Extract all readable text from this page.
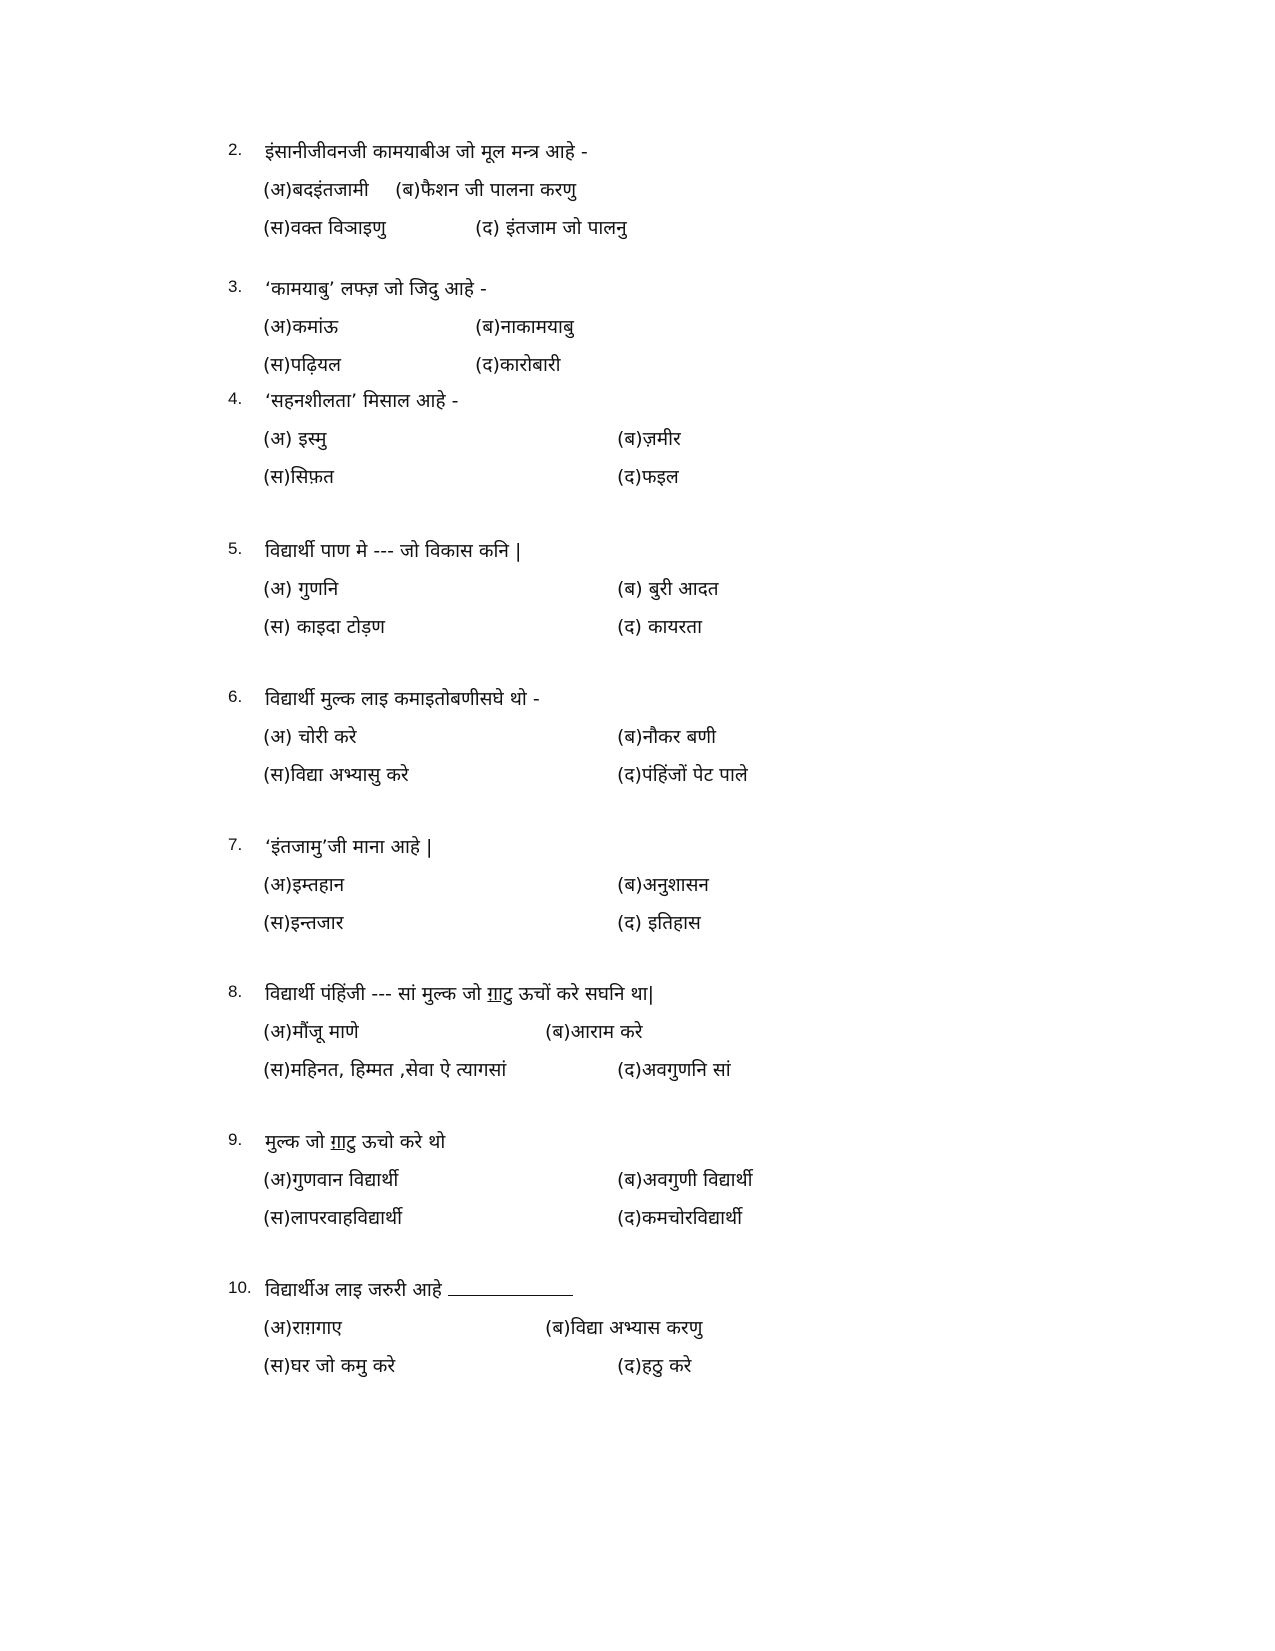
2. इंसानीजीवनजी कामयाबीअ जो मूल मन्त्र आहे -
(अ)बदइंतजामी (ब)फैशन जी पालना करणु
(स)वक्त विञाइणु	(द) इंतजाम जो पालनु
3. ‘कामयाबु’ लफ्ज़ जो जिदु आहे -
(अ)कमांऊ	(ब)नाकामयाबु
(स)पढ़ियल	(द)कारोबारी
4. ‘सहनशीलता’ मिसाल आहे -
(अ) इस्मु	(ब)ज़मीर
(स)सिफ़त	(द)फइल
5. विद्यार्थी पाण मे --- जो विकास कनि |
(अ) गुणनि	(ब) बुरी आदत
(स) काइदा टोड़ण	(द) कायरता
6. विद्यार्थी मुल्क लाइ कमाइतोबणीसघे थो -
(अ) चोरी करे	(ब)नौकर बणी
(स)विद्या अभ्यासु करे	(द)पंहिंजों पेट पाले
7. ‘इंतजामु’जी माना आहे |
(अ)इम्तहान	(ब)अनुशासन
(स)इन्तजार	(द) इतिहास
8. विद्यार्थी पंहिंजी --- सां मुल्क जो ग़ाटु ऊचों करे सघनि था|
(अ)मौंजू माणे	(ब)आराम करे
(स)महिनत, हिम्मत ,सेवा ऐ त्यागसां	(द)अवगुणनि सां
9. मुल्क जो ग़ाटु ऊचो करे थो
(अ)गुणवान विद्यार्थी	(ब)अवगुणी विद्यार्थी
(स)लापरवाहविद्यार्थी	(द)कमचोरविद्यार्थी
10. विद्यार्थीअ लाइ जरुरी आहे
(अ)राग़गाए	(ब)विद्या अभ्यास करणु
(स)घर जो कमु करे	(द)हठु करे
